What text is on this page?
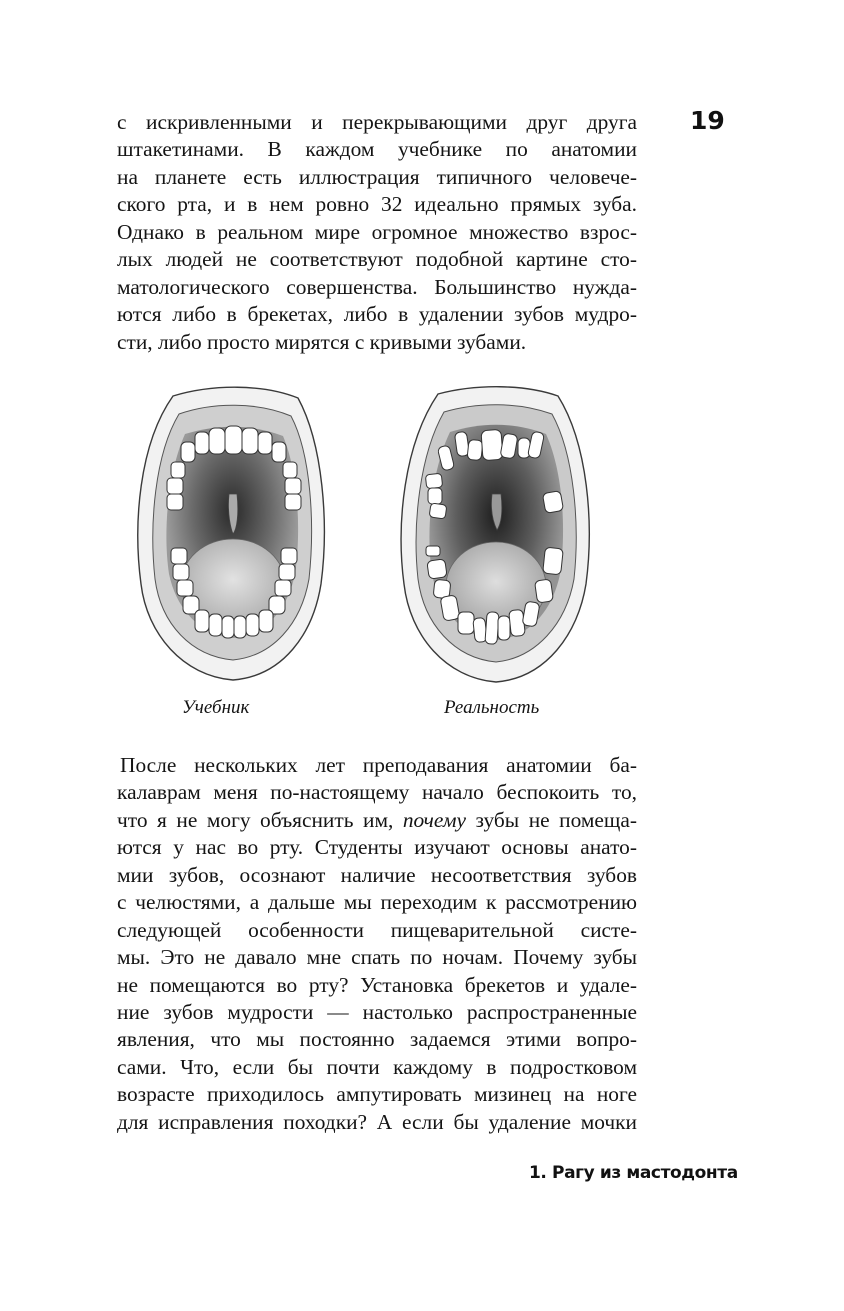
19
с искривленными и перекрывающими друг друга
штакетинами. В каждом учебнике по анатомии
на планете есть иллюстрация типичного человече-
ского рта, и в нем ровно 32 идеально прямых зуба.
Однако в реальном мире огромное множество взрос-
лых людей не соответствуют подобной картине сто-
матологического совершенства. Большинство нужда-
ются либо в брекетах, либо в удалении зубов мудро-
сти, либо просто мирятся с кривыми зубами.
Учебник	Реальность
После нескольких лет преподавания анатомии ба-
калаврам меня по-настоящему начало беспокоить то,
что я не могу объяснить им, почему зубы не помеща-
ются у нас во рту. Студенты изучают основы анато-
мии зубов, осознают наличие несоответствия зубов
с челюстями, а дальше мы переходим к рассмотрению
следующей особенности пищеварительной систе-
мы. Это не давало мне спать по ночам. Почему зубы
не помещаются во рту? Установка брекетов и удале-
ние зубов мудрости — настолько распространенные
явления, что мы постоянно задаемся этими вопро-
сами. Что, если бы почти каждому в подростковом
возрасте приходилось ампутировать мизинец на ноге
для исправления походки? А если бы удаление мочки
1. Рагу из мастодонта
